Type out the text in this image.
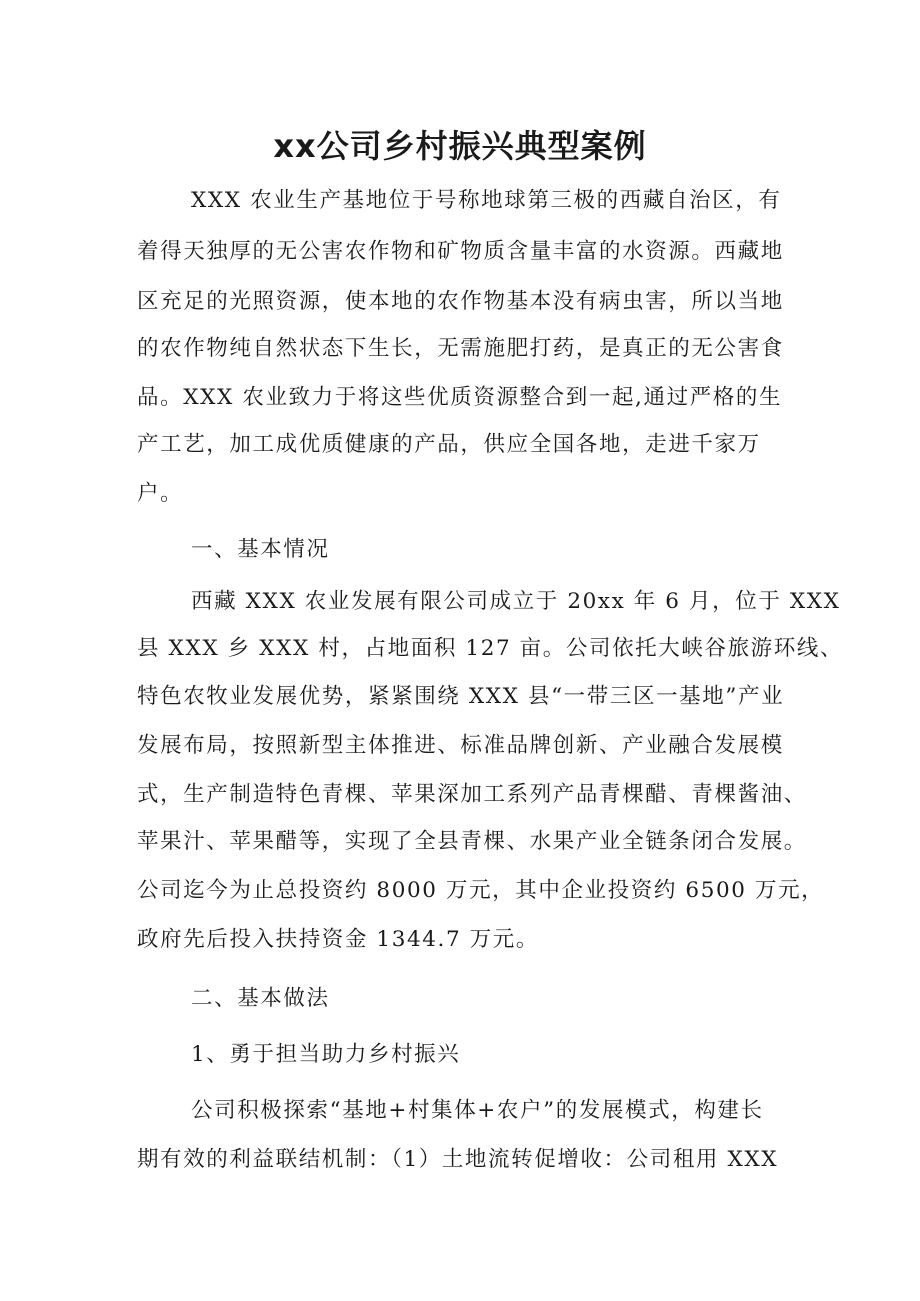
xx公司乡村振兴典型案例
XXX 农业生产基地位于号称地球第三极的西藏自治区，有
着得天独厚的无公害农作物和矿物质含量丰富的水资源。西藏地
区充足的光照资源，使本地的农作物基本没有病虫害，所以当地
的农作物纯自然状态下生长，无需施肥打药，是真正的无公害食
品。XXX 农业致力于将这些优质资源整合到一起,通过严格的生
产工艺，加工成优质健康的产品，供应全国各地，走进千家万
户。
一、基本情况
西藏 XXX 农业发展有限公司成立于 20xx 年 6 月，位于 XXX
县 XXX 乡 XXX 村，占地面积 127 亩。公司依托大峡谷旅游环线、
特色农牧业发展优势，紧紧围绕 XXX 县“一带三区一基地”产业
发展布局，按照新型主体推进、标准品牌创新、产业融合发展模
式，生产制造特色青棵、苹果深加工系列产品青棵醋、青棵酱油、
苹果汁、苹果醋等，实现了全县青棵、水果产业全链条闭合发展。
公司迄今为止总投资约 8000 万元，其中企业投资约 6500 万元，
政府先后投入扶持资金 1344.7 万元。
二、基本做法
1、勇于担当助力乡村振兴
公司积极探索“基地+村集体+农户”的发展模式，构建长
期有效的利益联结机制：（1）土地流转促增收：公司租用 XXX
